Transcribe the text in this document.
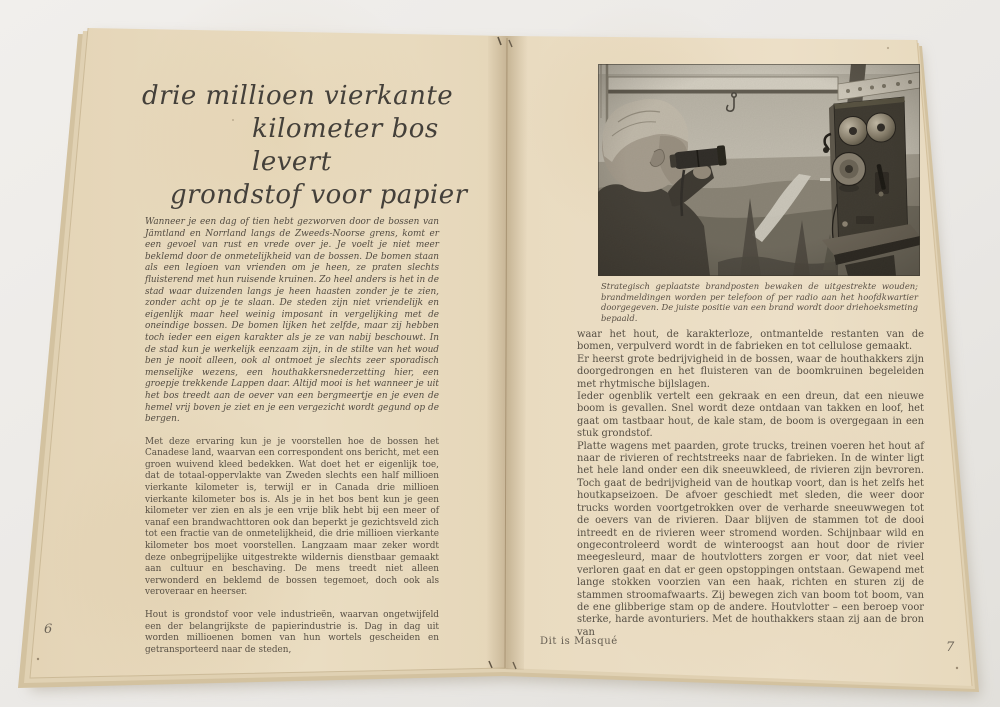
drie millioen vierkante
kilometer bos levert
grondstof voor papier

Wanneer je een dag of tien hebt gezworven door de bossen van Jämtland en Norrland langs de Zweeds-Noorse grens, komt er een gevoel van rust en vrede over je. Je voelt je niet meer beklemd door de onmetelijkheid van de bossen. De bomen staan als een legioen van vrienden om je heen, ze praten slechts fluisterend met hun ruisende kruinen. Zo heel anders is het in de stad waar duizenden langs je heen haasten zonder je te zien, zonder acht op je te slaan. De steden zijn niet vriendelijk en eigenlijk maar heel weinig imposant in vergelijking met de oneindige bossen. De bomen lijken het zelfde, maar zij hebben toch ieder een eigen karakter als je ze van nabij beschouwt. In de stad kun je werkelijk eenzaam zijn, in de stilte van het woud ben je nooit alleen, ook al ontmoet je slechts zeer sporadisch menselijke wezens, een houthakkersnederzetting hier, een groepje trekkende Lappen daar. Altijd mooi is het wanneer je uit het bos treedt aan de oever van een bergmeertje en je even de hemel vrij boven je ziet en je een vergezicht wordt gegund op de bergen.

Met deze ervaring kun je je voorstellen hoe de bossen het Canadese land, waarvan een correspondent ons bericht, met een groen wuivend kleed bedekken. Wat doet het er eigenlijk toe, dat de totaal-oppervlakte van Zweden slechts een half millioen vierkante kilometer is, terwijl er in Canada drie millioen vierkante kilometer bos is. Als je in het bos bent kun je geen kilometer ver zien en als je een vrije blik hebt bij een meer of vanaf een brandwachttoren ook dan beperkt je gezichtsveld zich tot een fractie van de onmetelijkheid, die drie millioen vierkante kilometer bos moet voorstellen. Langzaam maar zeker wordt deze onbegrijpelijke uitgestrekte wildernis dienstbaar gemaakt aan cultuur en beschaving. De mens treedt niet alleen verwonderd en beklemd de bossen tegemoet, doch ook als veroveraar en heerser.

Hout is grondstof voor vele industrieën, waarvan ongetwijfeld een der belangrijkste de papierindustrie is. Dag in dag uit worden millioenen bomen van hun wortels gescheiden en getransporteerd naar de steden,

6
Strategisch geplaatste brandposten bewaken de uitgestrekte wouden; brandmeldingen worden per telefoon of per radio aan het hoofdkwartier doorgegeven. De juiste positie van een brand wordt door driehoeksmeting bepaald.

waar het hout, de karakterloze, ontmantelde restanten van de bomen, verpulverd wordt in de fabrieken en tot cellulose gemaakt.

Er heerst grote bedrijvigheid in de bossen, waar de houthakkers zijn doorgedrongen en het fluisteren van de boomkruinen begeleiden met rhytmische bijlslagen.

Ieder ogenblik vertelt een gekraak en een dreun, dat een nieuwe boom is gevallen. Snel wordt deze ontdaan van takken en loof, het gaat om tastbaar hout, de kale stam, de boom is overgegaan in een stuk grondstof.

Platte wagens met paarden, grote trucks, treinen voeren het hout af naar de rivieren of rechtstreeks naar de fabrieken. In de winter ligt het hele land onder een dik sneeuwkleed, de rivieren zijn bevroren. Toch gaat de bedrijvigheid van de houtkap voort, dan is het zelfs het houtkapseizoen. De afvoer geschiedt met sleden, die weer door trucks worden voortgetrokken over de verharde sneeuwwegen tot de oevers van de rivieren. Daar blijven de stammen tot de dooi intreedt en de rivieren weer stromend worden. Schijnbaar wild en ongecontroleerd wordt de winteroogst aan hout door de rivier meegesleurd, maar de houtvlotters zorgen er voor, dat niet veel verloren gaat en dat er geen opstoppingen ontstaan. Gewapend met lange stokken voorzien van een haak, richten en sturen zij de stammen stroomafwaarts. Zij bewegen zich van boom tot boom, van de ene glibberige stam op de andere. Houtvlotter – een beroep voor sterke, harde avonturiers. Met de houthakkers staan zij aan de bron van

Dit is Masqué	7
